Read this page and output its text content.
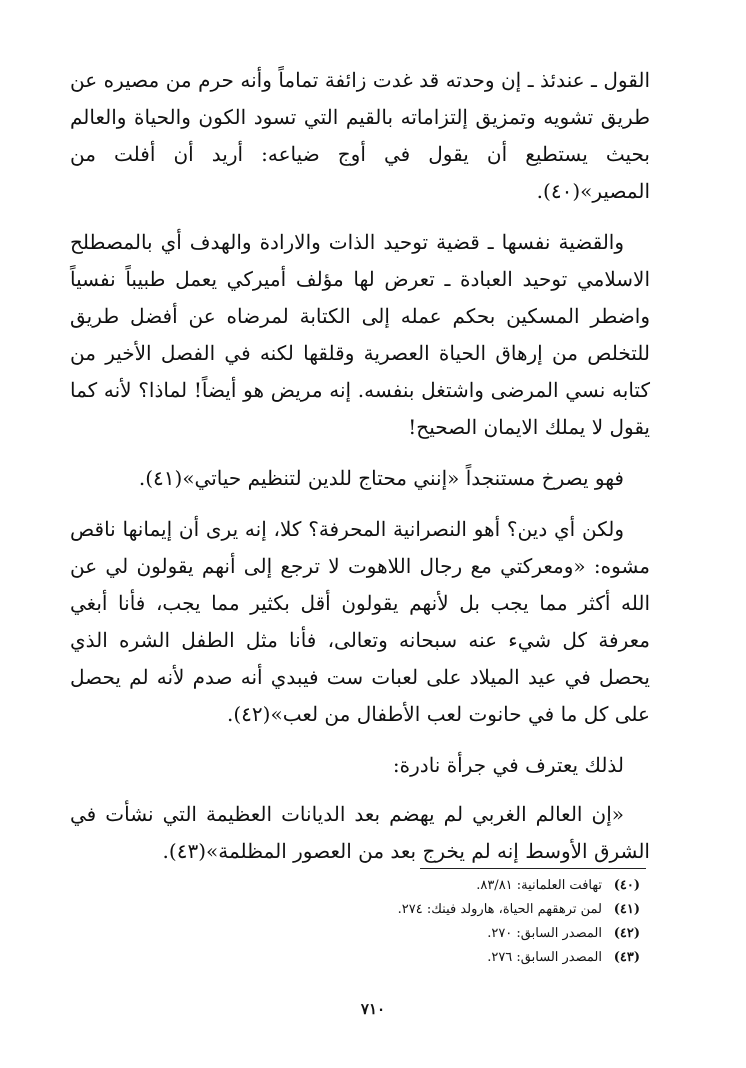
القول ـ عندئذ ـ إن وحدته قد غدت زائفة تماماً وأنه حرم من مصيره عن طريق تشويه وتمزيق إلتزاماته بالقيم التي تسود الكون والحياة والعالم بحيث يستطيع أن يقول في أوج ضياعه: أريد أن أفلت من المصير»(٤٠).

والقضية نفسها ـ قضية توحيد الذات والارادة والهدف أي بالمصطلح الاسلامي توحيد العبادة ـ تعرض لها مؤلف أميركي يعمل طبيباً نفسياً واضطر المسكين بحكم عمله إلى الكتابة لمرضاه عن أفضل طريق للتخلص من إرهاق الحياة العصرية وقلقها لكنه في الفصل الأخير من كتابه نسي المرضى واشتغل بنفسه. إنه مريض هو أيضاً! لماذا؟ لأنه كما يقول لا يملك الايمان الصحيح!

فهو يصرخ مستنجداً «إنني محتاج للدين لتنظيم حياتي»(٤١).

ولكن أي دين؟ أهو النصرانية المحرفة؟ كلا، إنه يرى أن إيمانها ناقص مشوه: «ومعركتي مع رجال اللاهوت لا ترجع إلى أنهم يقولون لي عن الله أكثر مما يجب بل لأنهم يقولون أقل بكثير مما يجب، فأنا أبغي معرفة كل شيء عنه سبحانه وتعالى، فأنا مثل الطفل الشره الذي يحصل في عيد الميلاد على لعبات ست فيبدي أنه صدم لأنه لم يحصل على كل ما في حانوت لعب الأطفال من لعب»(٤٢).

لذلك يعترف في جرأة نادرة:

«إن العالم الغربي لم يهضم بعد الديانات العظيمة التي نشأت في الشرق الأوسط إنه لم يخرج بعد من العصور المظلمة»(٤٣).

(٤٠)
تهافت العلمانية: ٨٣/٨١.
(٤١)
لمن ترهقهم الحياة، هارولد فينك: ٢٧٤.
(٤٢)
المصدر السابق: ٢٧٠.
(٤٣)
المصدر السابق: ٢٧٦.
٧١٠
